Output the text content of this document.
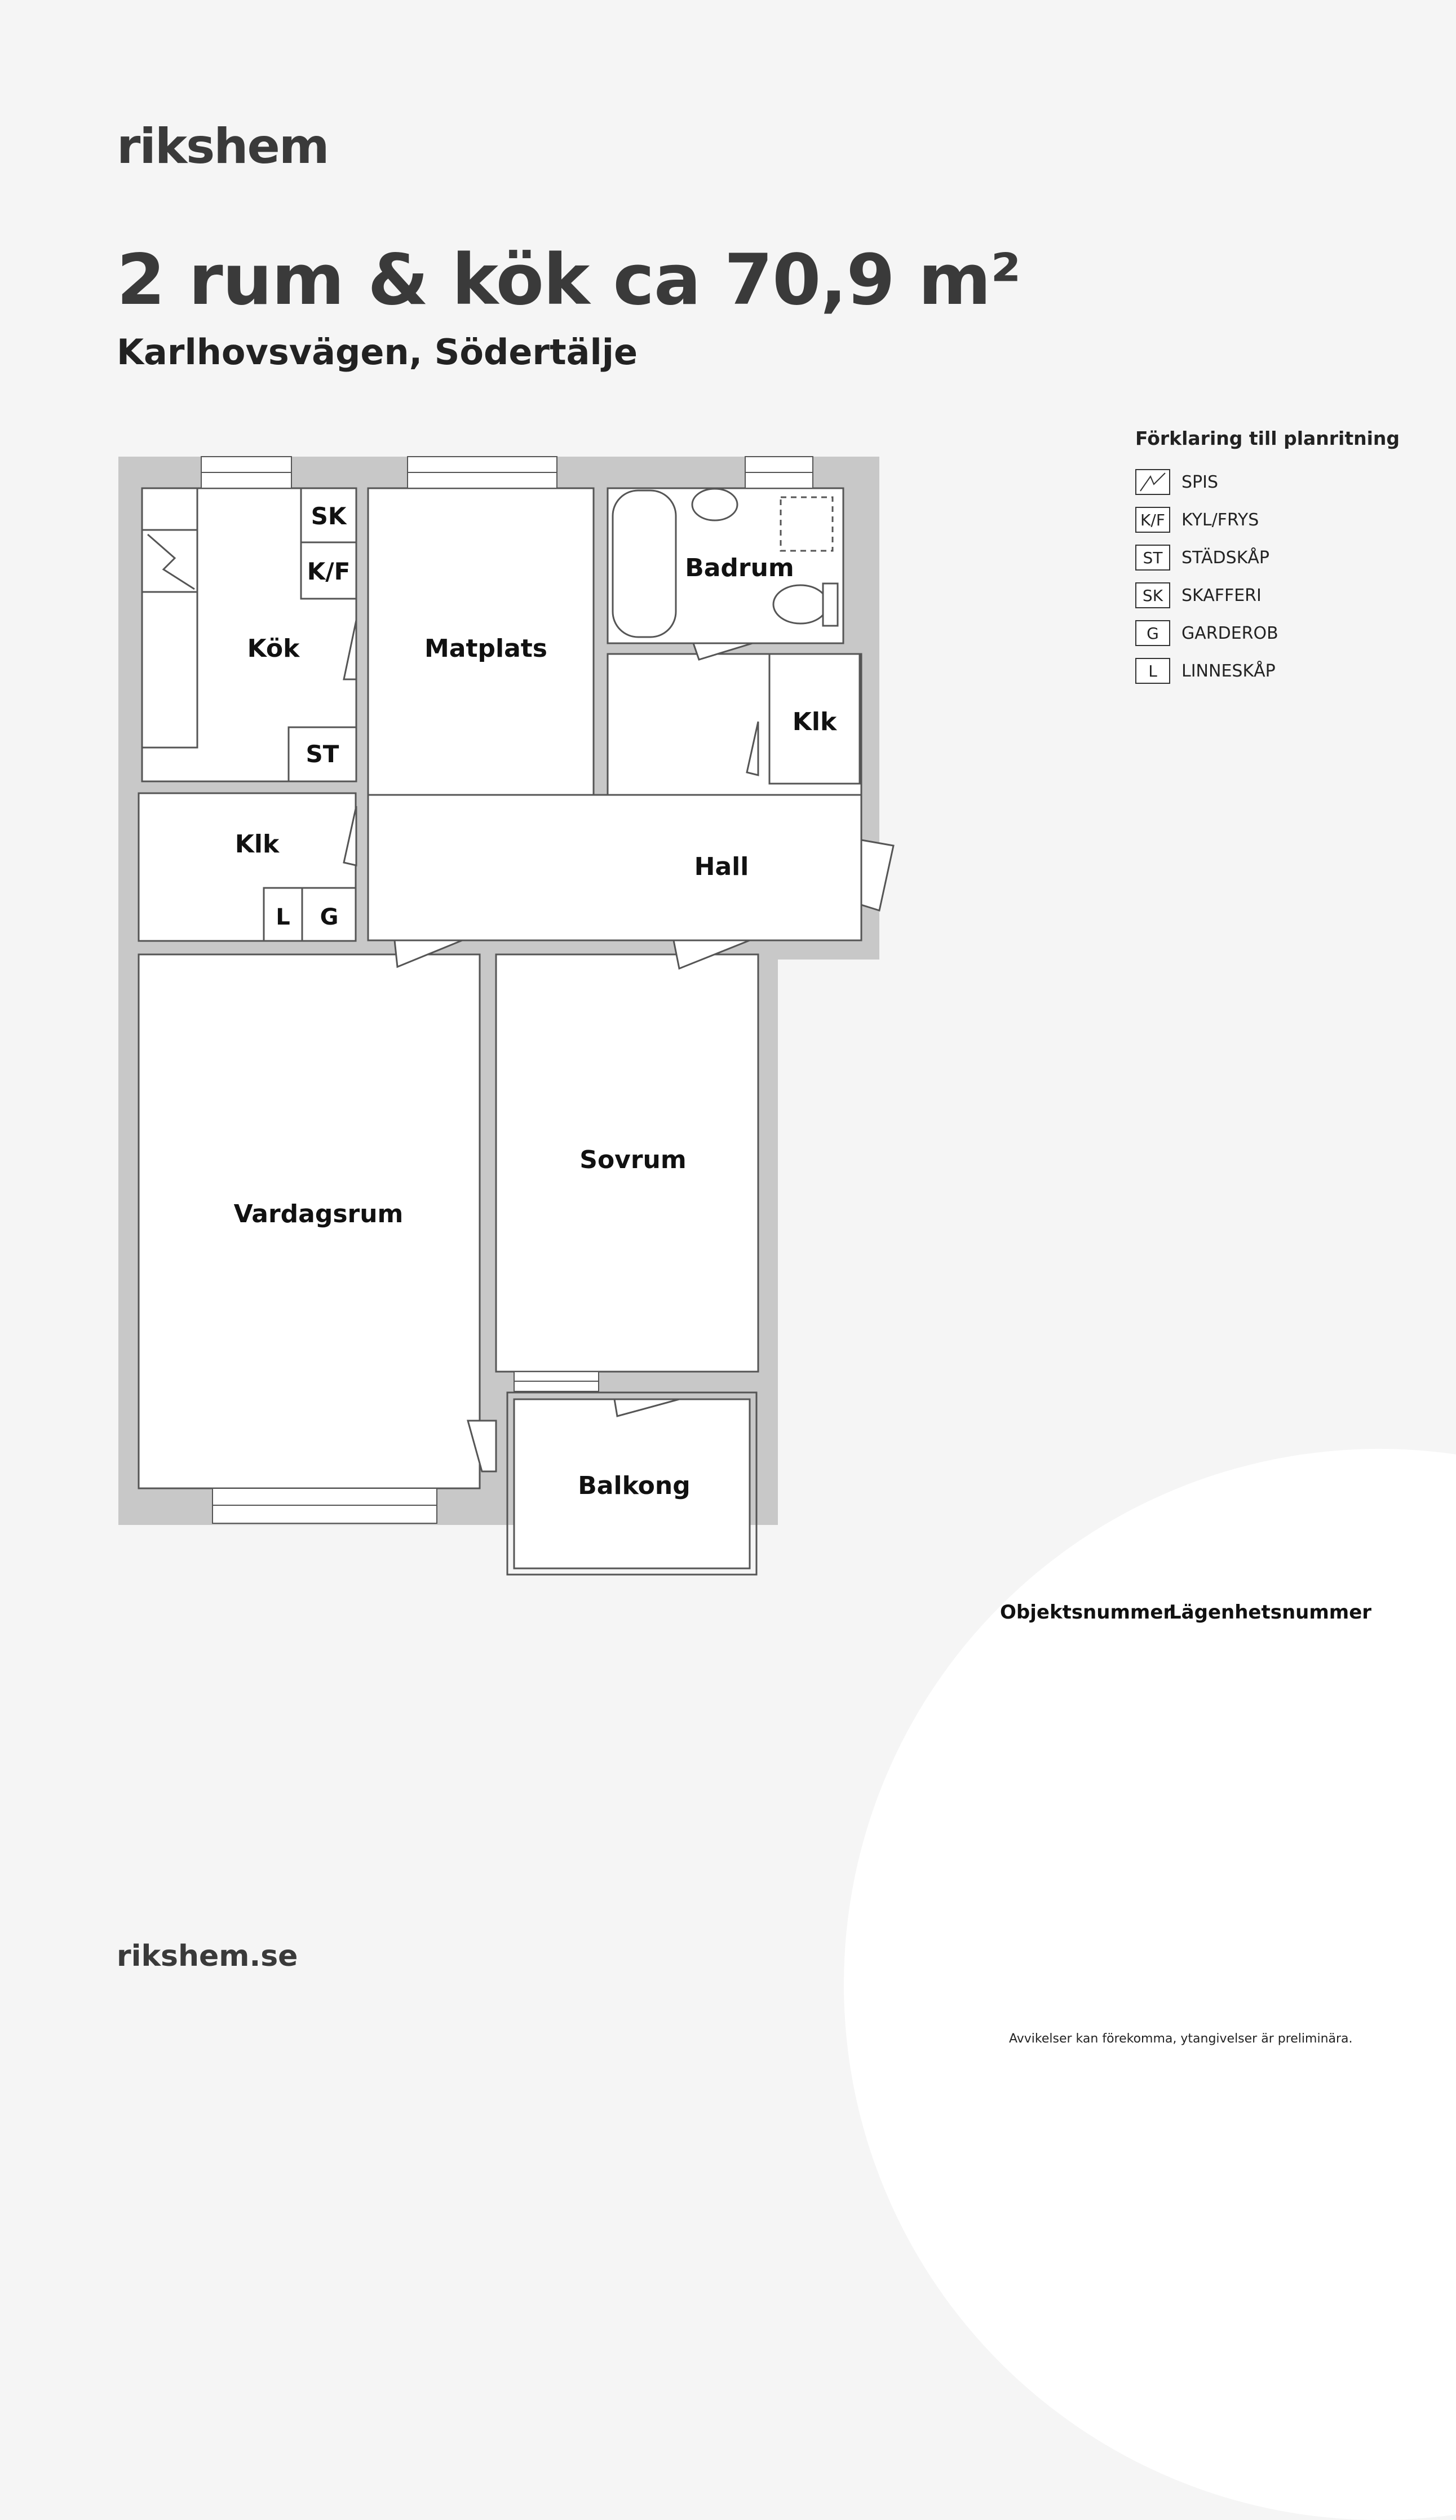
rikshem
2 rum & kök ca 70,9 m²
Karlhovsvägen, Södertälje
Kök	Matplats
Badrum
Klk
Klk
Hall
Vardagsrum
Sovrum
Balkong
SK
K/F
ST
L G
Förklaring till planritning
SPIS
K/F KYL/FRYS
ST	STÄDSKÅP
SK	SKAFFERI
G	GARDEROB
L	LINNESKÅP
Objektsnummer
Lägenhetsnummer
rikshem.se
Avvikelser kan förekomma, ytangivelser är preliminära.
